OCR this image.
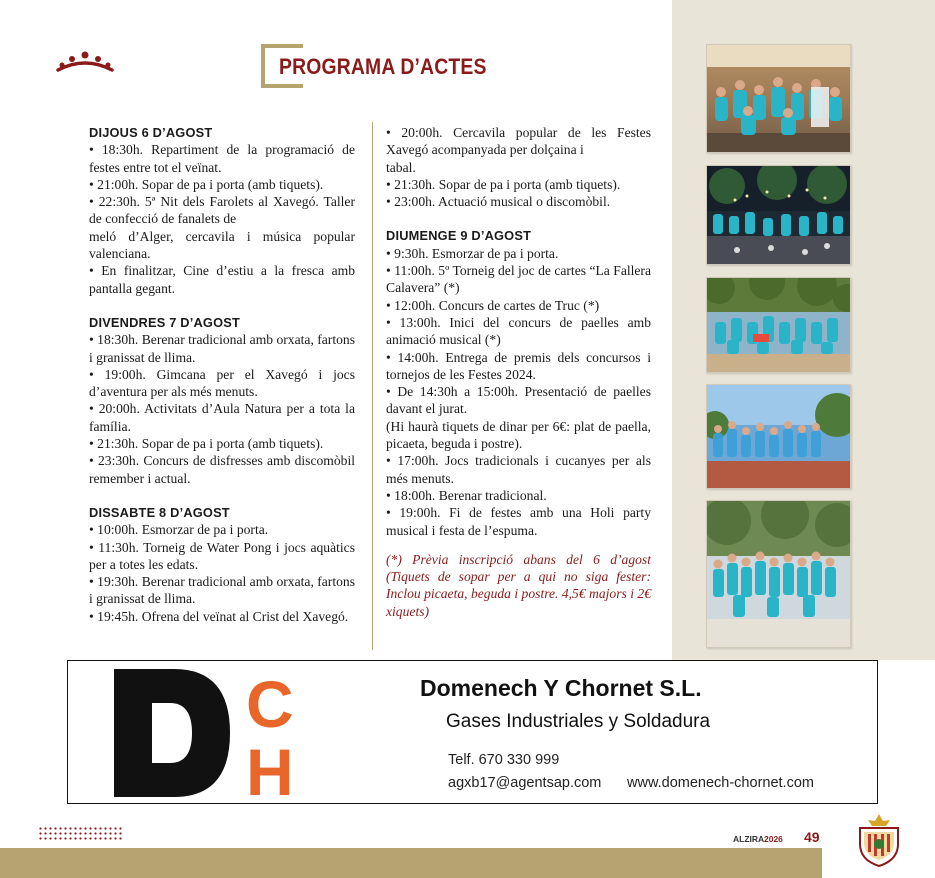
PROGRAMA D’ACTES
DIJOUS 6 D’AGOST
• 18:30h. Repartiment de la programació de festes entre tot el veïnat.
• 21:00h. Sopar de pa i porta (amb tiquets).
• 22:30h. 5ª Nit dels Farolets al Xavegó. Taller de confecció de fanalets de
meló d’Alger, cercavila i música popular valenciana.
• En finalitzar, Cine d’estiu a la fresca amb pantalla gegant.
DIVENDRES 7 D’AGOST
• 18:30h. Berenar tradicional amb orxata, fartons i granissat de llima.
• 19:00h. Gimcana per el Xavegó i jocs d’aventura per als més menuts.
• 20:00h. Activitats d’Aula Natura per a tota la família.
• 21:30h. Sopar de pa i porta (amb tiquets).
• 23:30h. Concurs de disfresses amb discomòbil remember i actual.
DISSABTE 8 D’AGOST
• 10:00h. Esmorzar de pa i porta.
• 11:30h. Torneig de Water Pong i jocs aquàtics per a totes les edats.
• 19:30h. Berenar tradicional amb orxata, fartons i granissat de llima.
• 19:45h. Ofrena del veïnat al Crist del Xavegó.
• 20:00h. Cercavila popular de les Festes Xavegó acompanyada per dolçaina i
tabal.
• 21:30h. Sopar de pa i porta (amb tiquets).
• 23:00h. Actuació musical o discomòbil.
DIUMENGE 9 D’AGOST
• 9:30h. Esmorzar de pa i porta.
• 11:00h. 5º Torneig del joc de cartes “La Fallera Calavera” (*)
• 12:00h. Concurs de cartes de Truc (*)
• 13:00h. Inici del concurs de paelles amb animació musical (*)
• 14:00h. Entrega de premis dels concursos i tornejos de les Festes 2024.
• De 14:30h a 15:00h. Presentació de paelles davant el jurat.
(Hi haurà tiquets de dinar per 6€: plat de paella, picaeta, beguda i postre).
• 17:00h. Jocs tradicionals i cucanyes per als més menuts.
• 18:00h. Berenar tradicional.
• 19:00h. Fi de festes amb una Holi party musical i festa de l’espuma.
(*) Prèvia inscripció abans del 6 d’agost (Tiquets de sopar per a qui no siga fester: Inclou picaeta, beguda i postre. 4,5€ majors i 2€ xiquets)
C
H
Domenech Y Chornet S.L.
Gases Industriales y Soldadura
Telf. 670 330 999
agxb17@agentsap.com www.domenech-chornet.com
ALZIRA 2026 49
